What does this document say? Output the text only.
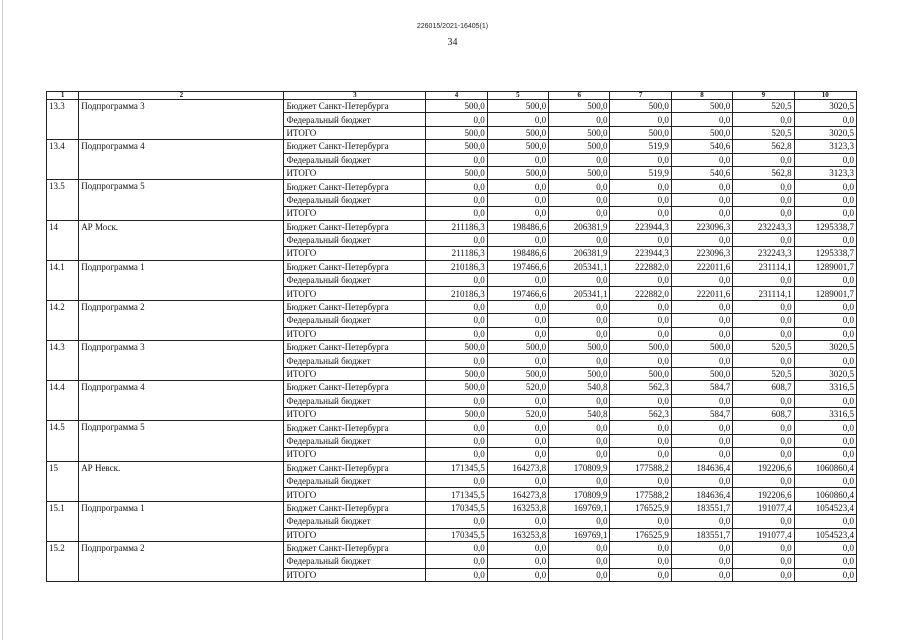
226015/2021-16405(1)
34
1	2	3	4	5	6	7	8	9	10
13.3	Подпрограмма 3	Бюджет Санкт-Петербурга	500,0	500,0	500,0	500,0	500,0	520,5	3020,5
		Федеральный бюджет	0,0	0,0	0,0	0,0	0,0	0,0	0,0
		ИТОГО	500,0	500,0	500,0	500,0	500,0	520,5	3020,5
13.4	Подпрограмма 4	Бюджет Санкт-Петербурга	500,0	500,0	500,0	519,9	540,6	562,8	3123,3
		Федеральный бюджет	0,0	0,0	0,0	0,0	0,0	0,0	0,0
		ИТОГО	500,0	500,0	500,0	519,9	540,6	562,8	3123,3
13.5	Подпрограмма 5	Бюджет Санкт-Петербурга	0,0	0,0	0,0	0,0	0,0	0,0	0,0
		Федеральный бюджет	0,0	0,0	0,0	0,0	0,0	0,0	0,0
		ИТОГО	0,0	0,0	0,0	0,0	0,0	0,0	0,0
14	АР Моск.	Бюджет Санкт-Петербурга	211186,3	198486,6	206381,9	223944,3	223096,3	232243,3	1295338,7
		Федеральный бюджет	0,0	0,0	0,0	0,0	0,0	0,0	0,0
		ИТОГО	211186,3	198486,6	206381,9	223944,3	223096,3	232243,3	1295338,7
14.1	Подпрограмма 1	Бюджет Санкт-Петербурга	210186,3	197466,6	205341,1	222882,0	222011,6	231114,1	1289001,7
		Федеральный бюджет	0,0	0,0	0,0	0,0	0,0	0,0	0,0
		ИТОГО	210186,3	197466,6	205341,1	222882,0	222011,6	231114,1	1289001,7
14.2	Подпрограмма 2	Бюджет Санкт-Петербурга	0,0	0,0	0,0	0,0	0,0	0,0	0,0
		Федеральный бюджет	0,0	0,0	0,0	0,0	0,0	0,0	0,0
		ИТОГО	0,0	0,0	0,0	0,0	0,0	0,0	0,0
14.3	Подпрограмма 3	Бюджет Санкт-Петербурга	500,0	500,0	500,0	500,0	500,0	520,5	3020,5
		Федеральный бюджет	0,0	0,0	0,0	0,0	0,0	0,0	0,0
		ИТОГО	500,0	500,0	500,0	500,0	500,0	520,5	3020,5
14.4	Подпрограмма 4	Бюджет Санкт-Петербурга	500,0	520,0	540,8	562,3	584,7	608,7	3316,5
		Федеральный бюджет	0,0	0,0	0,0	0,0	0,0	0,0	0,0
		ИТОГО	500,0	520,0	540,8	562,3	584,7	608,7	3316,5
14.5	Подпрограмма 5	Бюджет Санкт-Петербурга	0,0	0,0	0,0	0,0	0,0	0,0	0,0
		Федеральный бюджет	0,0	0,0	0,0	0,0	0,0	0,0	0,0
		ИТОГО	0,0	0,0	0,0	0,0	0,0	0,0	0,0
15	АР Невск.	Бюджет Санкт-Петербурга	171345,5	164273,8	170809,9	177588,2	184636,4	192206,6	1060860,4
		Федеральный бюджет	0,0	0,0	0,0	0,0	0,0	0,0	0,0
		ИТОГО	171345,5	164273,8	170809,9	177588,2	184636,4	192206,6	1060860,4
15.1	Подпрограмма 1	Бюджет Санкт-Петербурга	170345,5	163253,8	169769,1	176525,9	183551,7	191077,4	1054523,4
		Федеральный бюджет	0,0	0,0	0,0	0,0	0,0	0,0	0,0
		ИТОГО	170345,5	163253,8	169769,1	176525,9	183551,7	191077,4	1054523,4
15.2	Подпрограмма 2	Бюджет Санкт-Петербурга	0,0	0,0	0,0	0,0	0,0	0,0	0,0
		Федеральный бюджет	0,0	0,0	0,0	0,0	0,0	0,0	0,0
		ИТОГО	0,0	0,0	0,0	0,0	0,0	0,0	0,0
